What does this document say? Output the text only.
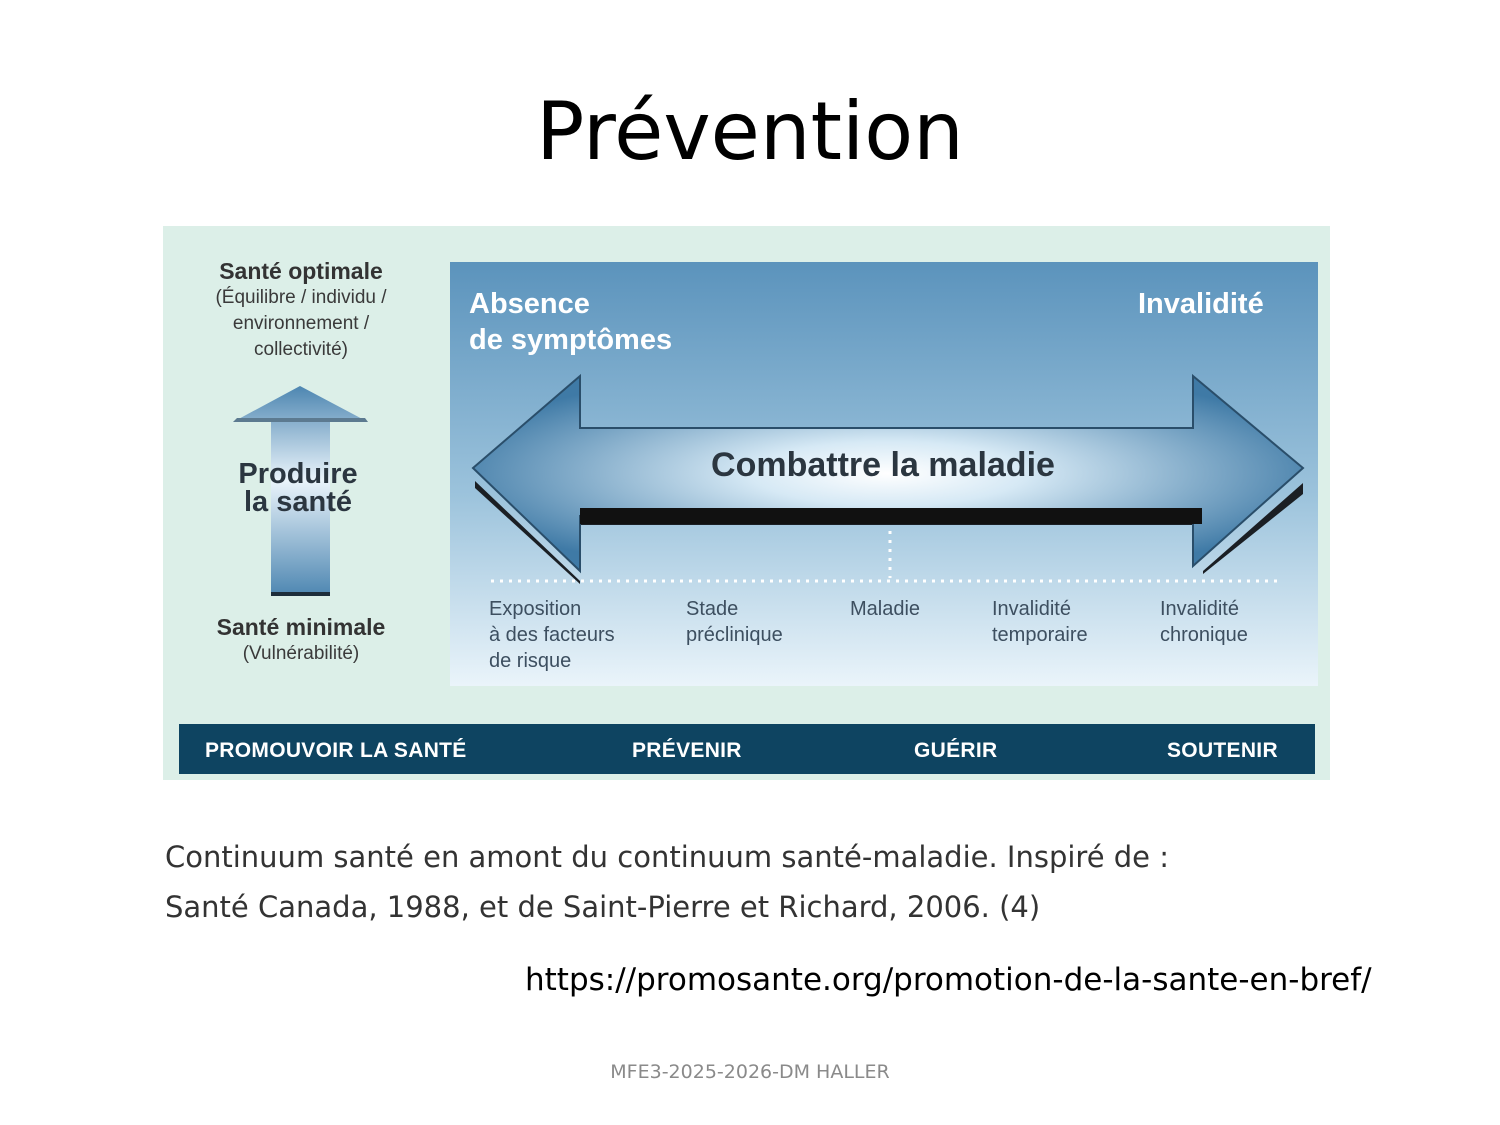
Prévention
Santé optimale
(Équilibre / individu /
environnement /
collectivité)
Produire
la santé
Santé minimale
(Vulnérabilité)
Absence
de symptômes
Invalidité
Combattre la maladie
Exposition
à des facteurs
de risque
Stade
préclinique
Maladie	Invalidité
temporaire
Invalidité
chronique
PROMOUVOIR LA SANTÉ	PRÉVENIR	GUÉRIR	SOUTENIR
Continuum santé en amont du continuum santé-maladie. Inspiré de :
Santé Canada, 1988, et de Saint-Pierre et Richard, 2006. (4)
https://promosante.org/promotion-de-la-sante-en-bref/
MFE3-2025-2026-DM HALLER
